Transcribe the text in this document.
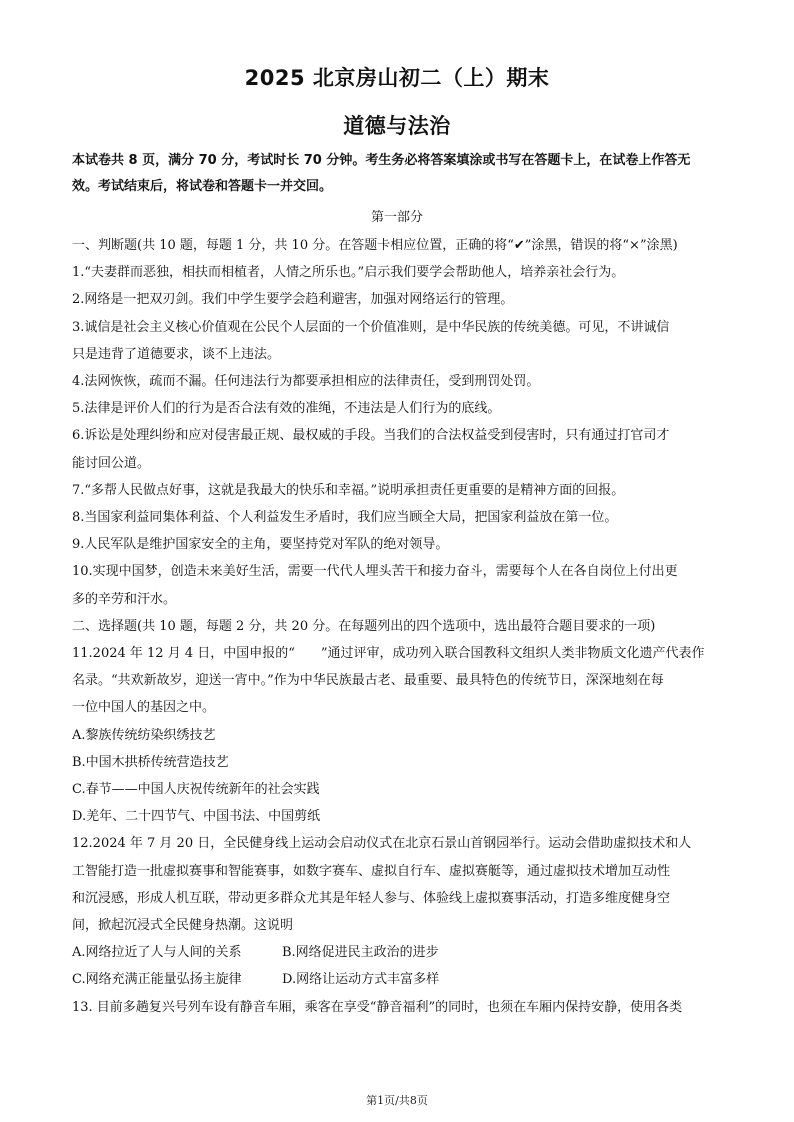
2025 北京房山初二（上）期末
道德与法治
本试卷共 8 页，满分 70 分，考试时长 70 分钟。考生务必将答案填涂或书写在答题卡上，在试卷上作答无
效。考试结束后，将试卷和答题卡一并交回。
第一部分
一、判断题(共 10 题，每题 1 分，共 10 分。在答题卡相应位置，正确的将“✔”涂黑，错误的将“×”涂黑)
1.“夫妻群而恶独，相扶而相植者，人情之所乐也。”启示我们要学会帮助他人，培养亲社会行为。
2.网络是一把双刃剑。我们中学生要学会趋利避害，加强对网络运行的管理。
3.诚信是社会主义核心价值观在公民个人层面的一个价值准则，是中华民族的传统美德。可见，不讲诚信
只是违背了道德要求，谈不上违法。
4.法网恢恢，疏而不漏。任何违法行为都要承担相应的法律责任，受到刑罚处罚。
5.法律是评价人们的行为是否合法有效的准绳，不违法是人们行为的底线。
6.诉讼是处理纠纷和应对侵害最正规、最权威的手段。当我们的合法权益受到侵害时，只有通过打官司才
能讨回公道。
7.“多帮人民做点好事，这就是我最大的快乐和幸福。”说明承担责任更重要的是精神方面的回报。
8.当国家利益同集体利益、个人利益发生矛盾时，我们应当顾全大局，把国家利益放在第一位。
9.人民军队是维护国家安全的主角，要坚持党对军队的绝对领导。
10.实现中国梦，创造未来美好生活，需要一代代人埋头苦干和接力奋斗，需要每个人在各自岗位上付出更
多的辛劳和汗水。
二、选择题(共 10 题，每题 2 分，共 20 分。在每题列出的四个选项中，选出最符合题目要求的一项)
11.2024 年 12 月 4 日，中国申报的“　　”通过评审，成功列入联合国教科文组织人类非物质文化遗产代表作
名录。“共欢新故岁，迎送一宵中。”作为中华民族最古老、最重要、最具特色的传统节日，深深地刻在每
一位中国人的基因之中。
A.黎族传统纺染织绣技艺
B.中国木拱桥传统营造技艺
C.春节——中国人庆祝传统新年的社会实践
D.羌年、二十四节气、中国书法、中国剪纸
12.2024 年 7 月 20 日，全民健身线上运动会启动仪式在北京石景山首钢园举行。运动会借助虚拟技术和人
工智能打造一批虚拟赛事和智能赛事，如数字赛车、虚拟自行车、虚拟赛艇等，通过虚拟技术增加互动性
和沉浸感，形成人机互联，带动更多群众尤其是年轻人参与、体验线上虚拟赛事活动，打造多维度健身空
间，掀起沉浸式全民健身热潮。这说明
A.网络拉近了人与人间的关系	B.网络促进民主政治的进步
C.网络充满正能量弘扬主旋律	D.网络让运动方式丰富多样
13. 目前多趟复兴号列车设有静音车厢，乘客在享受“静音福利”的同时，也须在车厢内保持安静，使用各类
第1页/共8页
